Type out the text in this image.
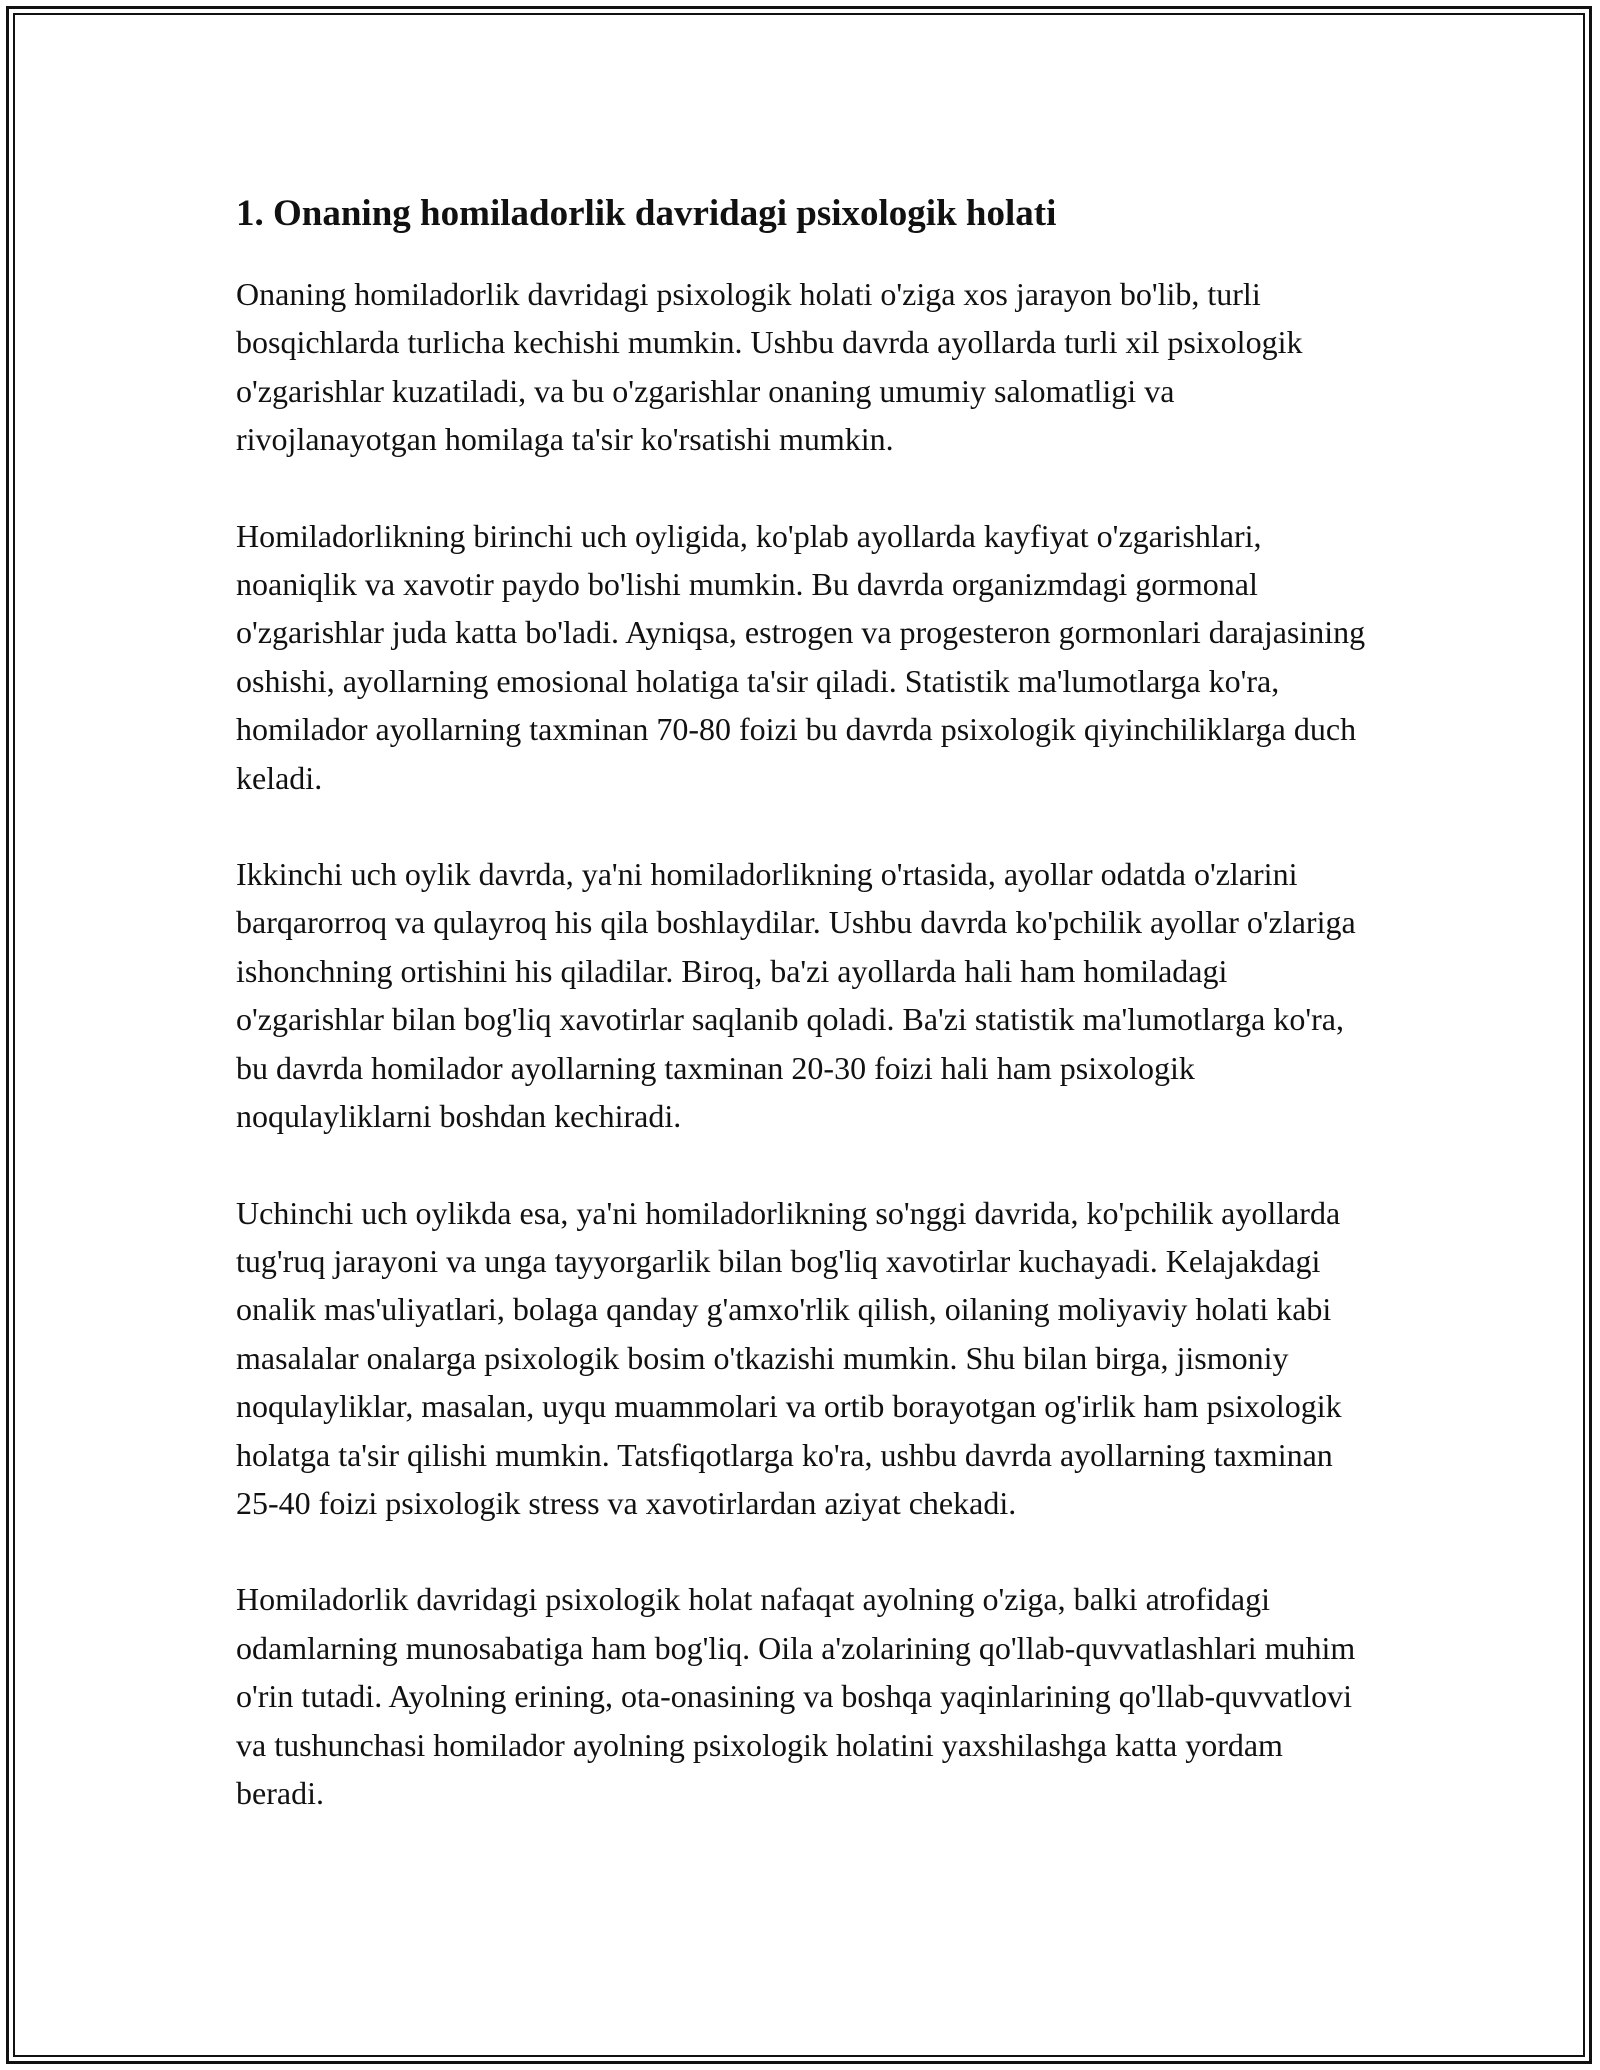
1. Onaning homiladorlik davridagi psixologik holati

Onaning homiladorlik davridagi psixologik holati o'ziga xos jarayon bo'lib, turli bosqichlarda turlicha kechishi mumkin. Ushbu davrda ayollarda turli xil psixologik o'zgarishlar kuzatiladi, va bu o'zgarishlar onaning umumiy salomatligi va rivojlanayotgan homilaga ta'sir ko'rsatishi mumkin.

Homiladorlikning birinchi uch oyligida, ko'plab ayollarda kayfiyat o'zgarishlari, noaniqlik va xavotir paydo bo'lishi mumkin. Bu davrda organizmdagi gormonal o'zgarishlar juda katta bo'ladi. Ayniqsa, estrogen va progesteron gormonlari darajasining oshishi, ayollarning emosional holatiga ta'sir qiladi. Statistik ma'lumotlarga ko'ra, homilador ayollarning taxminan 70-80 foizi bu davrda psixologik qiyinchiliklarga duch keladi.

Ikkinchi uch oylik davrda, ya'ni homiladorlikning o'rtasida, ayollar odatda o'zlarini barqarorroq va qulayroq his qila boshlaydilar. Ushbu davrda ko'pchilik ayollar o'zlariga ishonchning ortishini his qiladilar. Biroq, ba'zi ayollarda hali ham homiladagi o'zgarishlar bilan bog'liq xavotirlar saqlanib qoladi. Ba'zi statistik ma'lumotlarga ko'ra, bu davrda homilador ayollarning taxminan 20-30 foizi hali ham psixologik noqulayliklarni boshdan kechiradi.

Uchinchi uch oylikda esa, ya'ni homiladorlikning so'nggi davrida, ko'pchilik ayollarda tug'ruq jarayoni va unga tayyorgarlik bilan bog'liq xavotirlar kuchayadi. Kelajakdagi onalik mas'uliyatlari, bolaga qanday g'amxo'rlik qilish, oilaning moliyaviy holati kabi masalalar onalarga psixologik bosim o'tkazishi mumkin. Shu bilan birga, jismoniy noqulayliklar, masalan, uyqu muammolari va ortib borayotgan og'irlik ham psixologik holatga ta'sir qilishi mumkin. Tatsfiqotlarga ko'ra, ushbu davrda ayollarning taxminan 25-40 foizi psixologik stress va xavotirlardan aziyat chekadi.

Homiladorlik davridagi psixologik holat nafaqat ayolning o'ziga, balki atrofidagi odamlarning munosabatiga ham bog'liq. Oila a'zolarining qo'llab-quvvatlashlari muhim o'rin tutadi. Ayolning erining, ota-onasining va boshqa yaqinlarining qo'llab-quvvatlovi va tushunchasi homilador ayolning psixologik holatini yaxshilashga katta yordam beradi.
